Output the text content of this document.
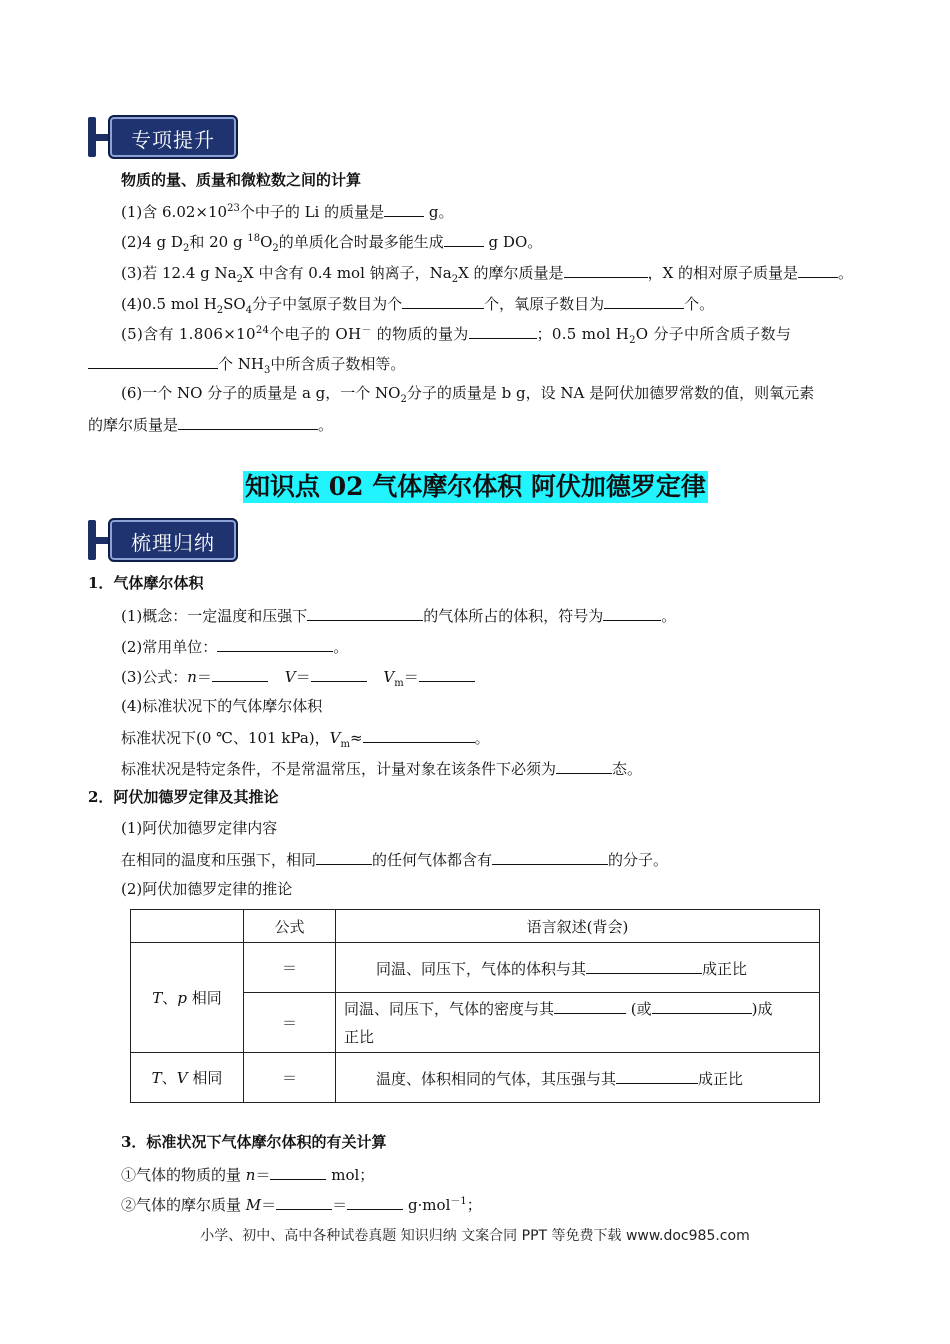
专项提升
物质的量、质量和微粒数之间的计算
(1)含 $6.02\times 10^{23}$个中子的 Li 的质量是	g。
(2)4 g $D_2$和 20 g $^{18}O_2$的单质化合时最多能生成	g DO。
(3)若 12.4 g $Na_2X$ 中含有 0.4 mol 钠离子，$Na_2X$ 的摩尔质量是	，X 的相对原子质量是	。
(4)0.5 mol $H_2SO_4$分子中氢原子数目为个	个，氧原子数目为	个。
(5)含有 $1.806\times 10^{24}$个电子的 OH－ 的物质的量为	；0.5 mol $H_2O$ 分子中所含质子数与
个 $NH_3$中所含质子数相等。
(6)一个 NO 分子的质量是 a g，一个 $NO_2$分子的质量是 b g，设 NA 是阿伏加德罗常数的值，则氧元素
的摩尔质量是	。
知识点 02 气体摩尔体积 阿伏加德罗定律
梳理归纳
1．气体摩尔体积
(1)概念：一定温度和压强下	的气体所占的体积，符号为	。
(2)常用单位：	。
(3)公式：n＝	V＝	$V_m=$
(4)标准状况下的气体摩尔体积
标准状况下(0 ℃、101 kPa)，$V_m\approx$	。
标准状况是特定条件，不是常温常压，计量对象在该条件下必须为	态。
2．阿伏加德罗定律及其推论
(1)阿伏加德罗定律内容
在相同的温度和压强下，相同	的任何气体都含有	的分子。
(2)阿伏加德罗定律的推论
	公式	语言叙述(背会)
T、p 相同	＝	同温、同压下，气体的体积与其 成正比
	＝	同温、同压下，气体的密度与其 (或 )成
正比
T、V 相同	＝	温度、体积相同的气体，其压强与其 成正比
3．标准状况下气体摩尔体积的有关计算
①气体的物质的量 n＝	mol；
②气体的摩尔质量 M＝	＝	g·mol$^{-1}$；
小学、初中、高中各种试卷真题 知识归纳 文案合同 PPT 等免费下载 www.doc985.com
